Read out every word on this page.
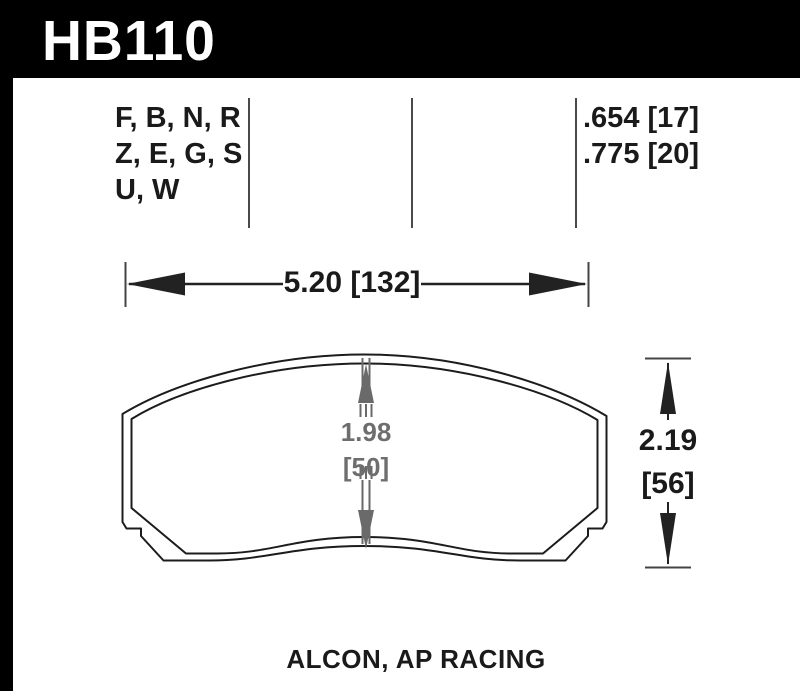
HB110
F, B, N, R
Z, E, G, S
U, W
.654 [17]
.775 [20]
5.20 [132]
2.19
[56]
1.98
[50]
ALCON, AP RACING
